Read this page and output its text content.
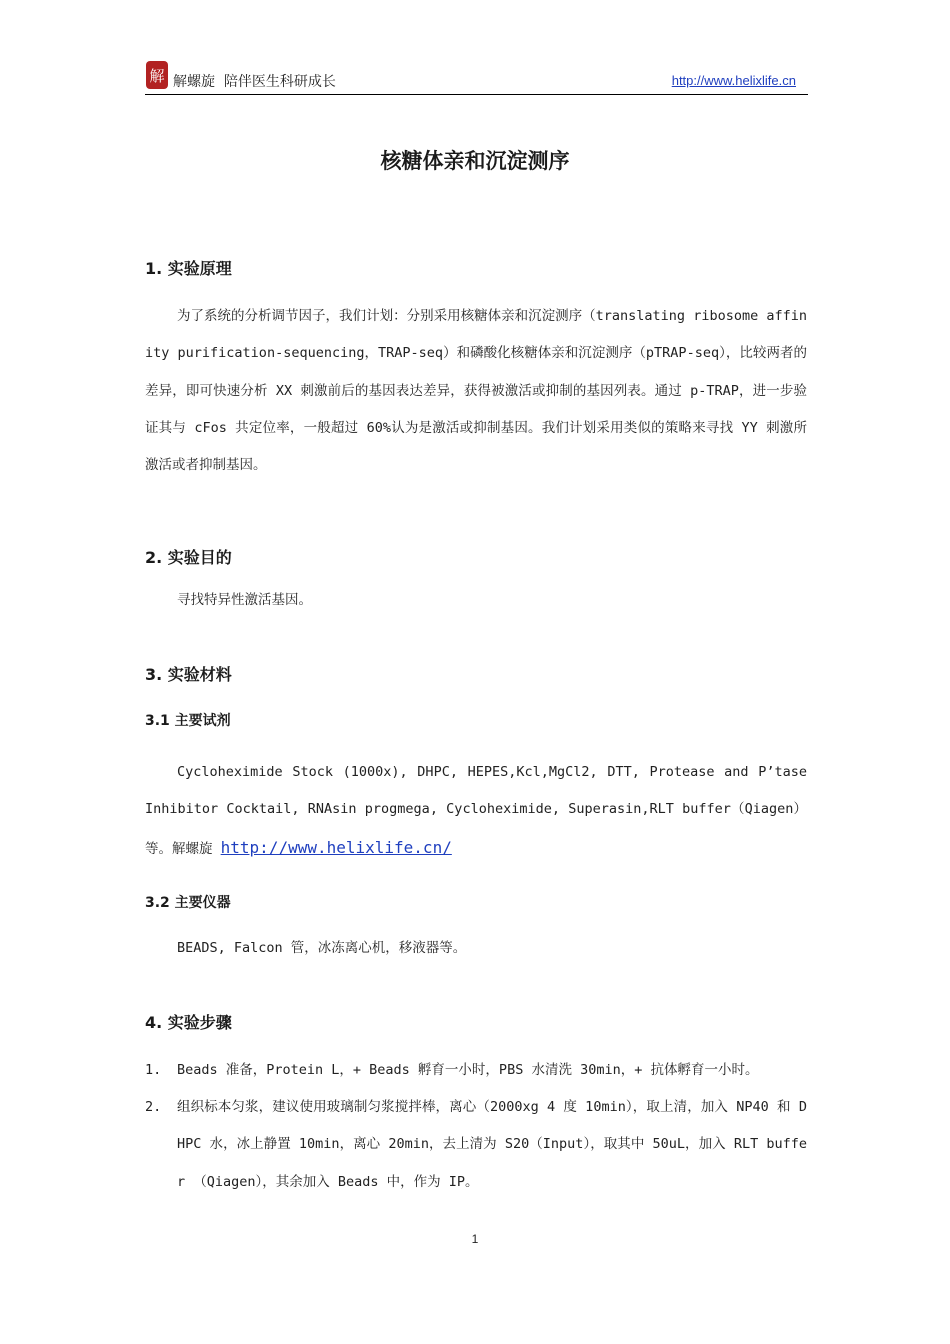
解 解螺旋  陪伴医生科研成长	http://www.helixlife.cn
核糖体亲和沉淀测序
1. 实验原理
为了系统的分析调节因子，我们计划：分别采用核糖体亲和沉淀测序（translating ribosome affinity purification-sequencing，TRAP-seq）和磷酸化核糖体亲和沉淀测序（pTRAP-seq），比较两者的差异，即可快速分析 XX 刺激前后的基因表达差异，获得被激活或抑制的基因列表。通过 p-TRAP，进一步验证其与 cFos 共定位率，一般超过 60%认为是激活或抑制基因。我们计划采用类似的策略来寻找 YY 刺激所激活或者抑制基因。
2. 实验目的
寻找特异性激活基因。
3. 实验材料
3.1 主要试剂
Cycloheximide Stock (1000x), DHPC, HEPES,Kcl,MgCl2, DTT, Protease and P’tase Inhibitor Cocktail, RNAsin progmega, Cycloheximide, Superasin,RLT buffer（Qiagen）等。解螺旋 http://www.helixlife.cn/
3.2 主要仪器
BEADS, Falcon 管，冰冻离心机，移液器等。
4. 实验步骤
1. Beads 准备，Protein L，+ Beads 孵育一小时，PBS 水清洗 30min，+ 抗体孵育一小时。
2. 组织标本匀浆，建议使用玻璃制匀浆搅拌棒，离心（2000xg 4 度 10min），取上清，加入 NP40 和 DHPC 水，冰上静置 10min，离心 20min，去上清为 S20（Input），取其中 50uL，加入 RLT buffer （Qiagen），其余加入 Beads 中，作为 IP。
1
